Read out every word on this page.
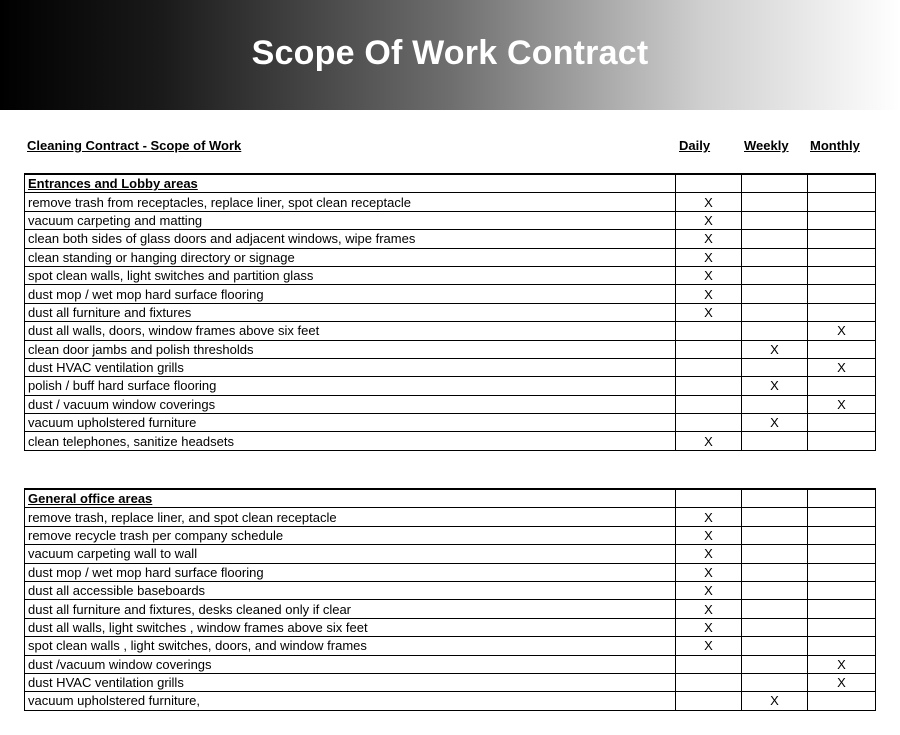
Scope Of Work Contract
Cleaning Contract - Scope of Work	Daily	Weekly Monthly
Entrances and Lobby areas			
remove trash from receptacles, replace liner, spot clean receptacle	X		
vacuum carpeting and matting	X		
clean both sides of glass doors and adjacent windows, wipe frames	X		
clean standing or hanging directory or signage	X		
spot clean walls, light switches and partition glass	X		
dust mop / wet mop hard surface flooring	X		
dust all furniture and fixtures	X		
dust all walls, doors, window frames above six feet			X
clean door jambs and polish thresholds		X	
dust HVAC ventilation grills			X
polish / buff hard surface flooring		X	
dust / vacuum window coverings			X
vacuum upholstered furniture		X	
clean telephones, sanitize headsets	X		
General office areas			
remove trash, replace liner, and spot clean receptacle	X		
remove recycle trash per company schedule	X		
vacuum carpeting wall to wall	X		
dust mop / wet mop hard surface flooring	X		
dust all accessible baseboards	X		
dust all furniture and fixtures, desks cleaned only if clear	X		
dust all walls, light switches , window frames above six feet	X		
spot clean walls , light switches, doors, and window frames	X		
dust /vacuum window coverings			X
dust HVAC ventilation grills			X
vacuum upholstered furniture,		X	
